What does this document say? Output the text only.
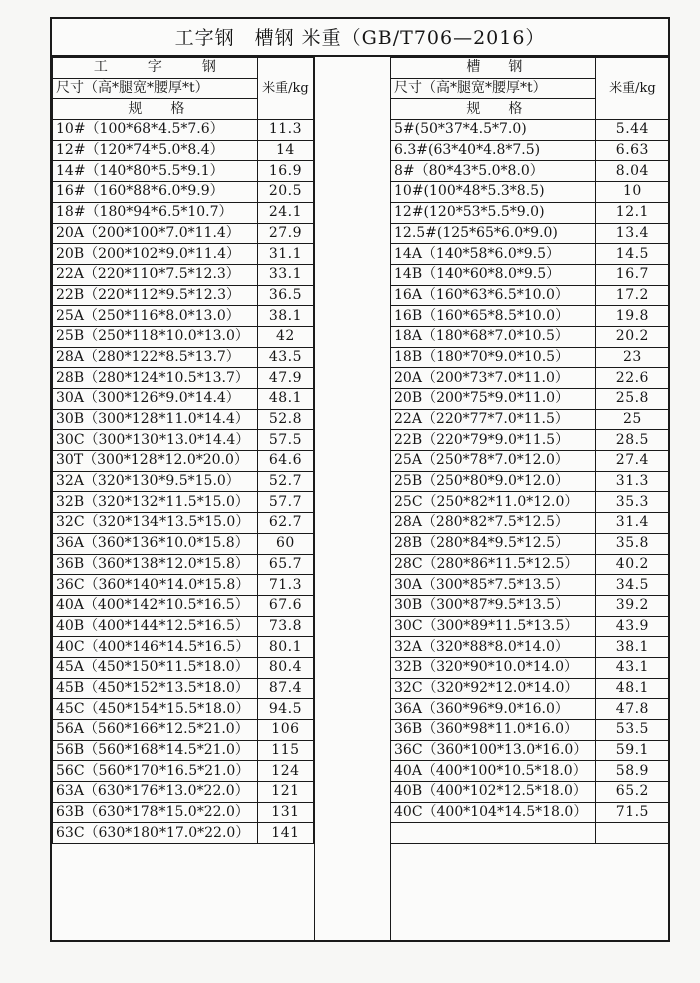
工字钢　槽钢 米重（GB/T706—2016）
工字钢	米重/kg
尺寸（高*腿宽*腰厚*t）	
规　　格	
10#（100*68*4.5*7.6）	11.3
12#（120*74*5.0*8.4）	14
14#（140*80*5.5*9.1）	16.9
16#（160*88*6.0*9.9）	20.5
18#（180*94*6.5*10.7）	24.1
20A（200*100*7.0*11.4）	27.9
20B（200*102*9.0*11.4）	31.1
22A（220*110*7.5*12.3）	33.1
22B（220*112*9.5*12.3）	36.5
25A（250*116*8.0*13.0）	38.1
25B（250*118*10.0*13.0）	42
28A（280*122*8.5*13.7）	43.5
28B（280*124*10.5*13.7）	47.9
30A（300*126*9.0*14.4）	48.1
30B（300*128*11.0*14.4）	52.8
30C（300*130*13.0*14.4）	57.5
30T（300*128*12.0*20.0）	64.6
32A（320*130*9.5*15.0）	52.7
32B（320*132*11.5*15.0）	57.7
32C（320*134*13.5*15.0）	62.7
36A（360*136*10.0*15.8）	60
36B（360*138*12.0*15.8）	65.7
36C（360*140*14.0*15.8）	71.3
40A（400*142*10.5*16.5）	67.6
40B（400*144*12.5*16.5）	73.8
40C（400*146*14.5*16.5）	80.1
45A（450*150*11.5*18.0）	80.4
45B（450*152*13.5*18.0）	87.4
45C（450*154*15.5*18.0）	94.5
56A（560*166*12.5*21.0）	106
56B（560*168*14.5*21.0）	115
56C（560*170*16.5*21.0）	124
63A（630*176*13.0*22.0）	121
63B（630*178*15.0*22.0）	131
63C（630*180*17.0*22.0）	141
槽　　钢	米重/kg
尺寸（高*腿宽*腰厚*t）	
规　　格	
5#(50*37*4.5*7.0)	5.44
6.3#(63*40*4.8*7.5)	6.63
8#（80*43*5.0*8.0）	8.04
10#(100*48*5.3*8.5)	10
12#(120*53*5.5*9.0)	12.1
12.5#(125*65*6.0*9.0)	13.4
14A（140*58*6.0*9.5）	14.5
14B（140*60*8.0*9.5）	16.7
16A（160*63*6.5*10.0）	17.2
16B（160*65*8.5*10.0）	19.8
18A（180*68*7.0*10.5）	20.2
18B（180*70*9.0*10.5）	23
20A（200*73*7.0*11.0）	22.6
20B（200*75*9.0*11.0）	25.8
22A（220*77*7.0*11.5）	25
22B（220*79*9.0*11.5）	28.5
25A（250*78*7.0*12.0）	27.4
25B（250*80*9.0*12.0）	31.3
25C（250*82*11.0*12.0）	35.3
28A（280*82*7.5*12.5）	31.4
28B（280*84*9.5*12.5）	35.8
28C（280*86*11.5*12.5）	40.2
30A（300*85*7.5*13.5）	34.5
30B（300*87*9.5*13.5）	39.2
30C（300*89*11.5*13.5）	43.9
32A（320*88*8.0*14.0）	38.1
32B（320*90*10.0*14.0）	43.1
32C（320*92*12.0*14.0）	48.1
36A（360*96*9.0*16.0）	47.8
36B（360*98*11.0*16.0）	53.5
36C（360*100*13.0*16.0）	59.1
40A（400*100*10.5*18.0）	58.9
40B（400*102*12.5*18.0）	65.2
40C（400*104*14.5*18.0）	71.5
